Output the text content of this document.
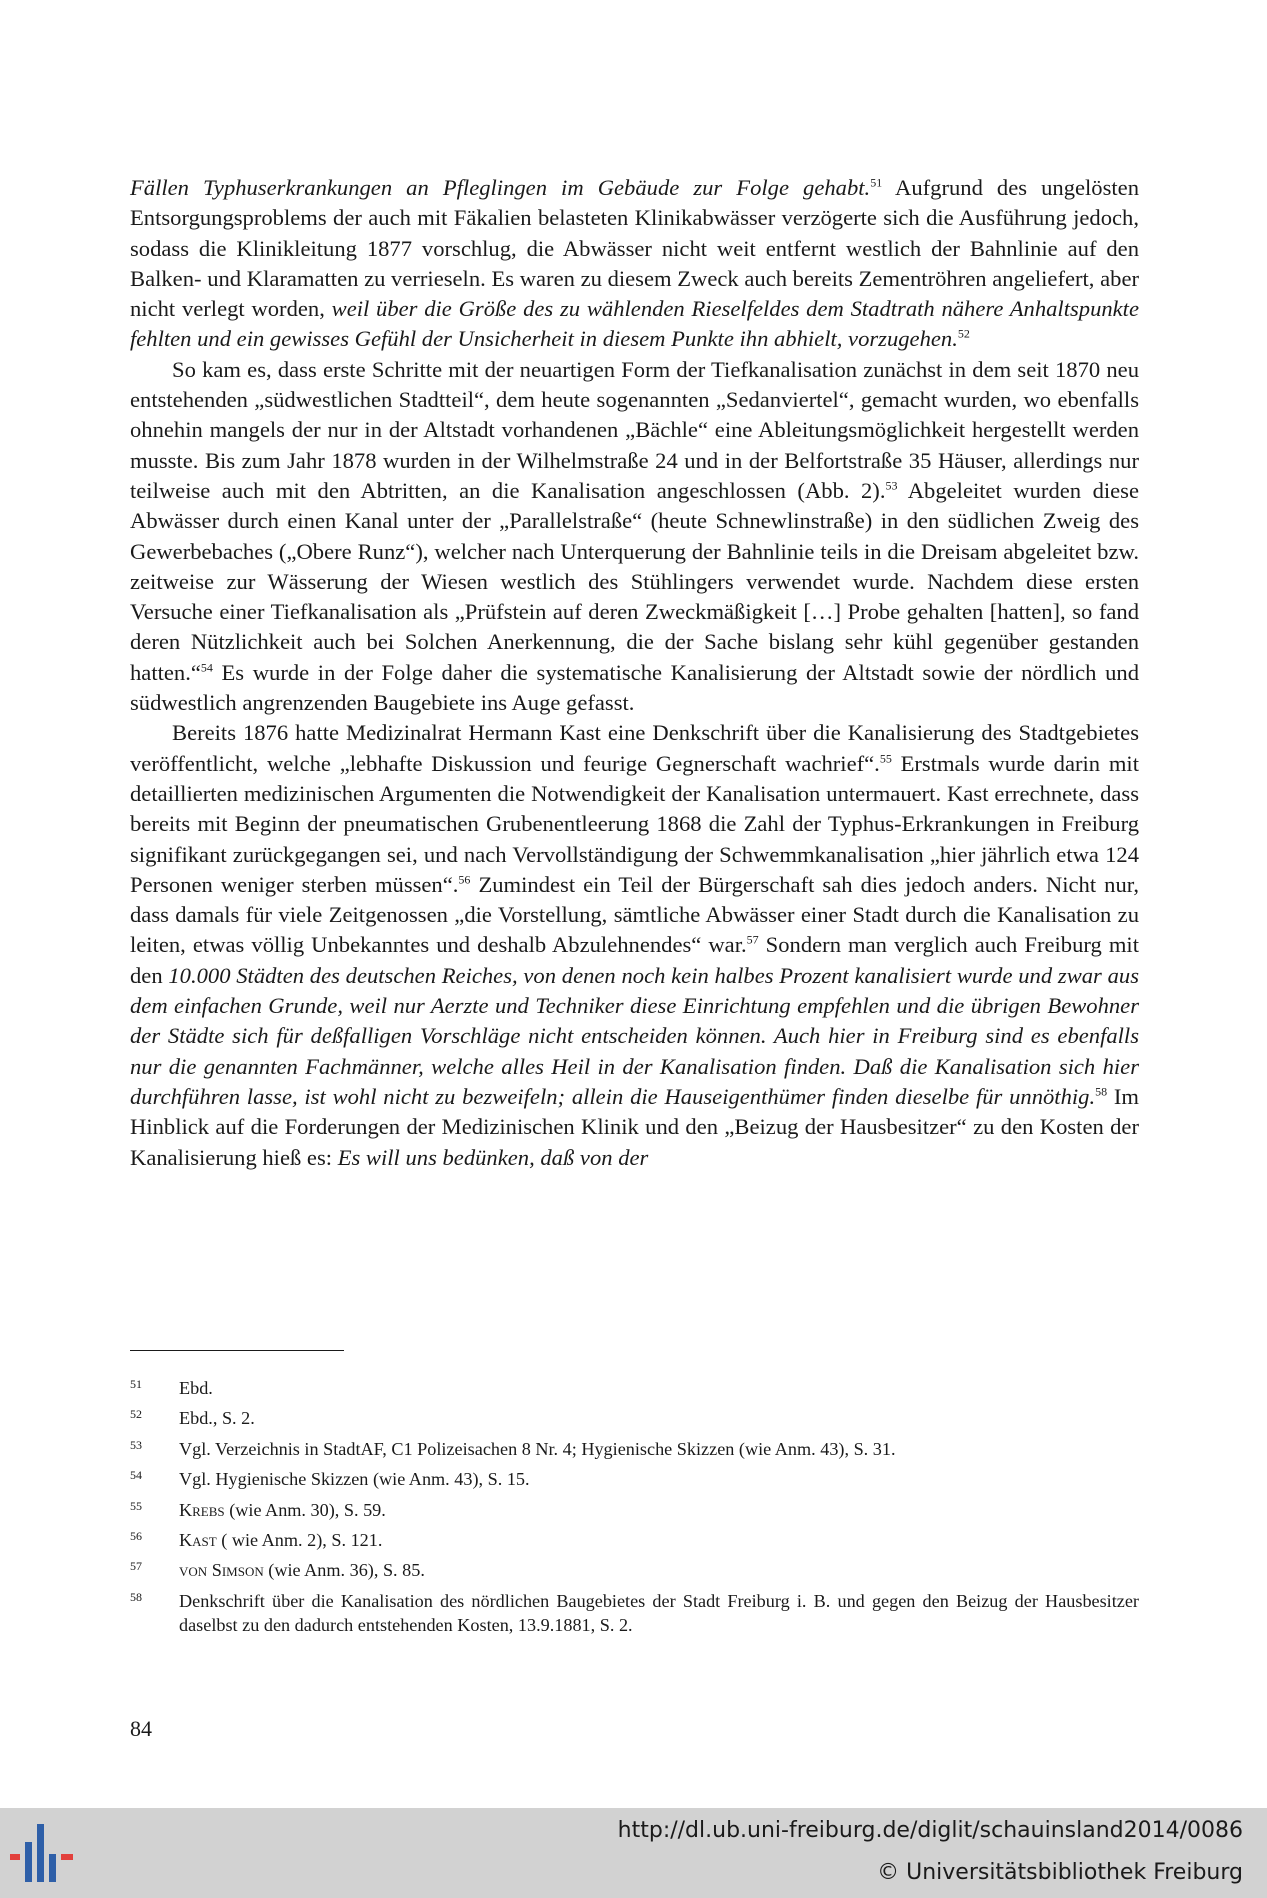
Fällen Typhuserkrankungen an Pfleglingen im Gebäude zur Folge gehabt.$^{51}$ Aufgrund des ungelösten Entsorgungsproblems der auch mit Fäkalien belasteten Klinikabwässer verzögerte sich die Ausführung jedoch, sodass die Klinikleitung 1877 vorschlug, die Abwässer nicht weit entfernt westlich der Bahnlinie auf den Balken- und Klaramatten zu verrieseln. Es waren zu diesem Zweck auch bereits Zementröhren angeliefert, aber nicht verlegt worden, weil über die Größe des zu wählenden Rieselfeldes dem Stadtrath nähere Anhaltspunkte fehlten und ein gewisses Gefühl der Unsicherheit in diesem Punkte ihn abhielt, vorzugehen.$^{52}$

So kam es, dass erste Schritte mit der neuartigen Form der Tiefkanalisation zunächst in dem seit 1870 neu entstehenden „südwestlichen Stadtteil“, dem heute sogenannten „Sedanviertel“, gemacht wurden, wo ebenfalls ohnehin mangels der nur in der Altstadt vorhandenen „Bächle“ eine Ableitungsmöglichkeit hergestellt werden musste. Bis zum Jahr 1878 wurden in der Wilhelmstraße 24 und in der Belfortstraße 35 Häuser, allerdings nur teilweise auch mit den Abtritten, an die Kanalisation angeschlossen (Abb. 2).$^{53}$ Abgeleitet wurden diese Abwässer durch einen Kanal unter der „Parallelstraße“ (heute Schnewlinstraße) in den südlichen Zweig des Gewerbebaches („Obere Runz“), welcher nach Unterquerung der Bahnlinie teils in die Dreisam abgeleitet bzw. zeitweise zur Wässerung der Wiesen westlich des Stühlingers verwendet wurde. Nachdem diese ersten Versuche einer Tiefkanalisation als „Prüfstein auf deren Zweckmäßigkeit […] Probe gehalten [hatten], so fand deren Nützlichkeit auch bei Solchen Anerkennung, die der Sache bislang sehr kühl gegenüber gestanden hatten.“$^{54}$ Es wurde in der Folge daher die systematische Kanalisierung der Altstadt sowie der nördlich und südwestlich angrenzenden Baugebiete ins Auge gefasst.

Bereits 1876 hatte Medizinalrat Hermann Kast eine Denkschrift über die Kanalisierung des Stadtgebietes veröffentlicht, welche „lebhafte Diskussion und feurige Gegnerschaft wachrief“.$^{55}$ Erstmals wurde darin mit detaillierten medizinischen Argumenten die Notwendigkeit der Kanalisation untermauert. Kast errechnete, dass bereits mit Beginn der pneumatischen Grubenentleerung 1868 die Zahl der Typhus-Erkrankungen in Freiburg signifikant zurückgegangen sei, und nach Vervollständigung der Schwemmkanalisation „hier jährlich etwa 124 Personen weniger sterben müssen“.$^{56}$ Zumindest ein Teil der Bürgerschaft sah dies jedoch anders. Nicht nur, dass damals für viele Zeitgenossen „die Vorstellung, sämtliche Abwässer einer Stadt durch die Kanalisation zu leiten, etwas völlig Unbekanntes und deshalb Abzulehnendes“ war.$^{57}$ Sondern man verglich auch Freiburg mit den 10.000 Städten des deutschen Reiches, von denen noch kein halbes Prozent kanalisiert wurde und zwar aus dem einfachen Grunde, weil nur Aerzte und Techniker diese Einrichtung empfehlen und die übrigen Bewohner der Städte sich für deßfalligen Vorschläge nicht entscheiden können. Auch hier in Freiburg sind es ebenfalls nur die genannten Fachmänner, welche alles Heil in der Kanalisation finden. Daß die Kanalisation sich hier durchführen lasse, ist wohl nicht zu bezweifeln; allein die Hauseigenthümer finden dieselbe für unnöthig.$^{58}$ Im Hinblick auf die Forderungen der Medizinischen Klinik und den „Beizug der Hausbesitzer“ zu den Kosten der Kanalisierung hieß es: Es will uns bedünken, daß von der

51	Ebd.
52	Ebd., S. 2.
53	Vgl. Verzeichnis in StadtAF, C1 Polizeisachen 8 Nr. 4; Hygienische Skizzen (wie Anm. 43), S. 31.
54	Vgl. Hygienische Skizzen (wie Anm. 43), S. 15.
55	Krebs (wie Anm. 30), S. 59.
56	Kast ( wie Anm. 2), S. 121.
57	von Simson (wie Anm. 36), S. 85.
58	Denkschrift über die Kanalisation des nördlichen Baugebietes der Stadt Freiburg i. B. und gegen den Beizug der Hausbesitzer daselbst zu den dadurch entstehenden Kosten, 13.9.1881, S. 2.
84
http://dl.ub.uni-freiburg.de/diglit/schauinsland2014/0086
© Universitätsbibliothek Freiburg
